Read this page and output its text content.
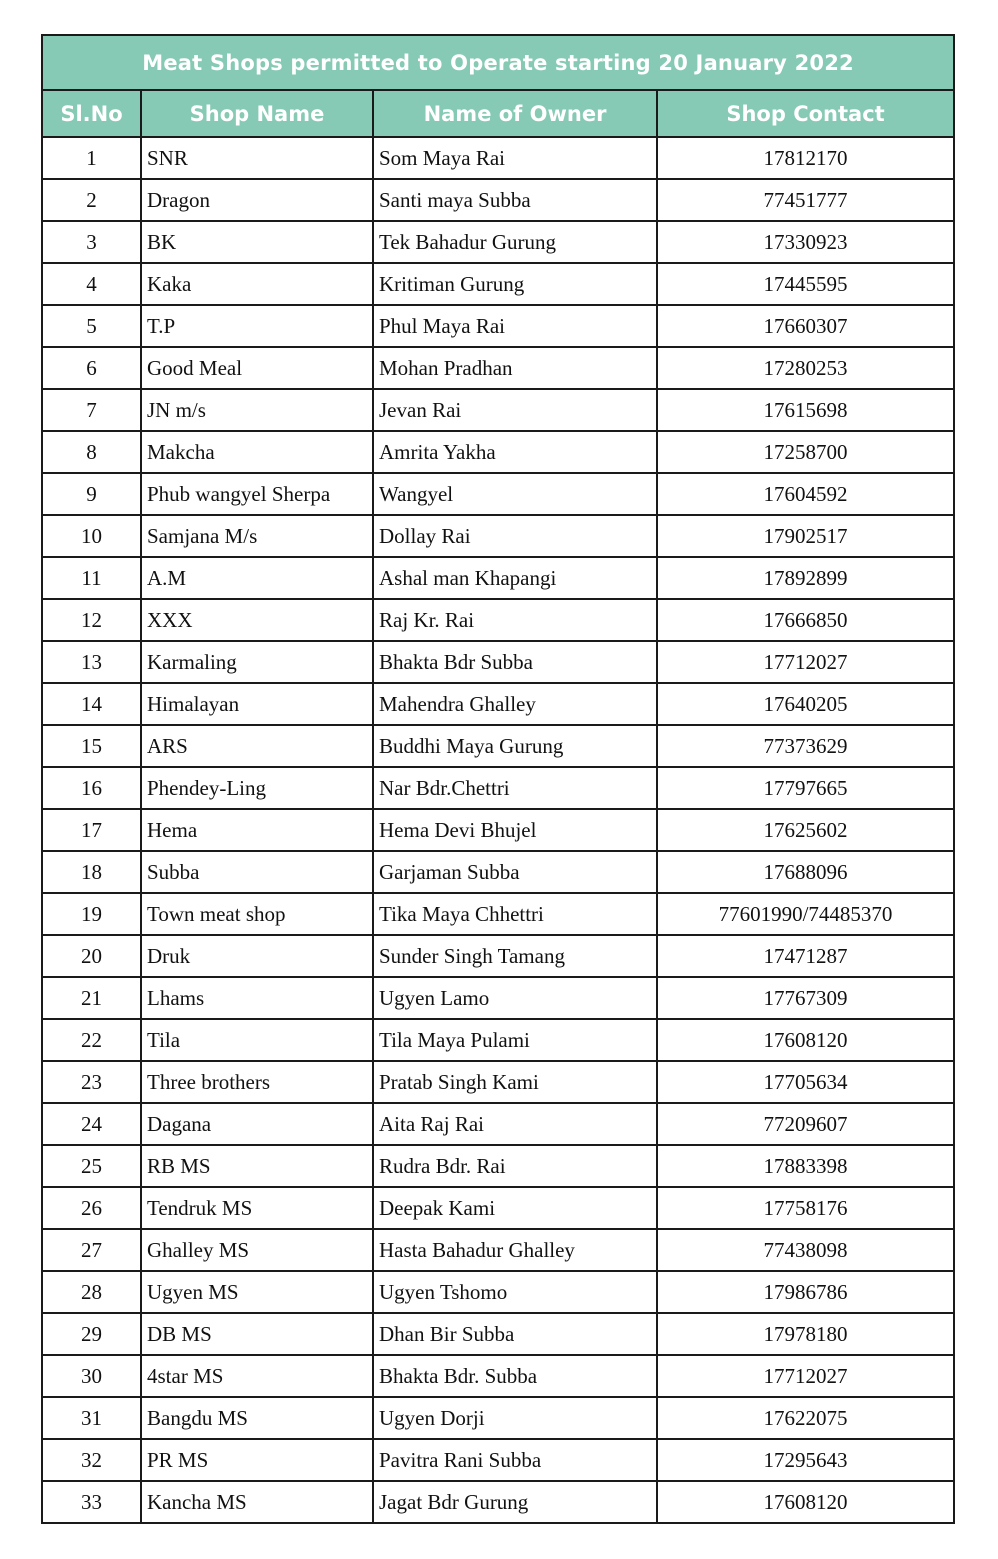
Meat Shops permitted to Operate starting 20 January 2022			
Sl.No	Shop Name	Name of Owner	Shop Contact
1	SNR	Som Maya Rai	17812170
2	Dragon	Santi maya Subba	77451777
3	BK	Tek Bahadur Gurung	17330923
4	Kaka	Kritiman Gurung	17445595
5	T.P	Phul Maya Rai	17660307
6	Good Meal	Mohan Pradhan	17280253
7	JN m/s	Jevan Rai	17615698
8	Makcha	Amrita Yakha	17258700
9	Phub wangyel Sherpa	Wangyel	17604592
10	Samjana M/s	Dollay Rai	17902517
11	A.M	Ashal man Khapangi	17892899
12	XXX	Raj Kr. Rai	17666850
13	Karmaling	Bhakta Bdr Subba	17712027
14	Himalayan	Mahendra Ghalley	17640205
15	ARS	Buddhi Maya Gurung	77373629
16	Phendey-Ling	Nar Bdr.Chettri	17797665
17	Hema	Hema Devi Bhujel	17625602
18	Subba	Garjaman Subba	17688096
19	Town meat shop	Tika Maya Chhettri	77601990/74485370
20	Druk	Sunder Singh Tamang	17471287
21	Lhams	Ugyen Lamo	17767309
22	Tila	Tila Maya Pulami	17608120
23	Three brothers	Pratab Singh Kami	17705634
24	Dagana	Aita Raj Rai	77209607
25	RB MS	Rudra Bdr. Rai	17883398
26	Tendruk MS	Deepak Kami	17758176
27	Ghalley MS	Hasta Bahadur Ghalley	77438098
28	Ugyen MS	Ugyen Tshomo	17986786
29	DB MS	Dhan Bir Subba	17978180
30	4star MS	Bhakta Bdr. Subba	17712027
31	Bangdu MS	Ugyen Dorji	17622075
32	PR MS	Pavitra Rani Subba	17295643
33	Kancha MS	Jagat Bdr Gurung	17608120
